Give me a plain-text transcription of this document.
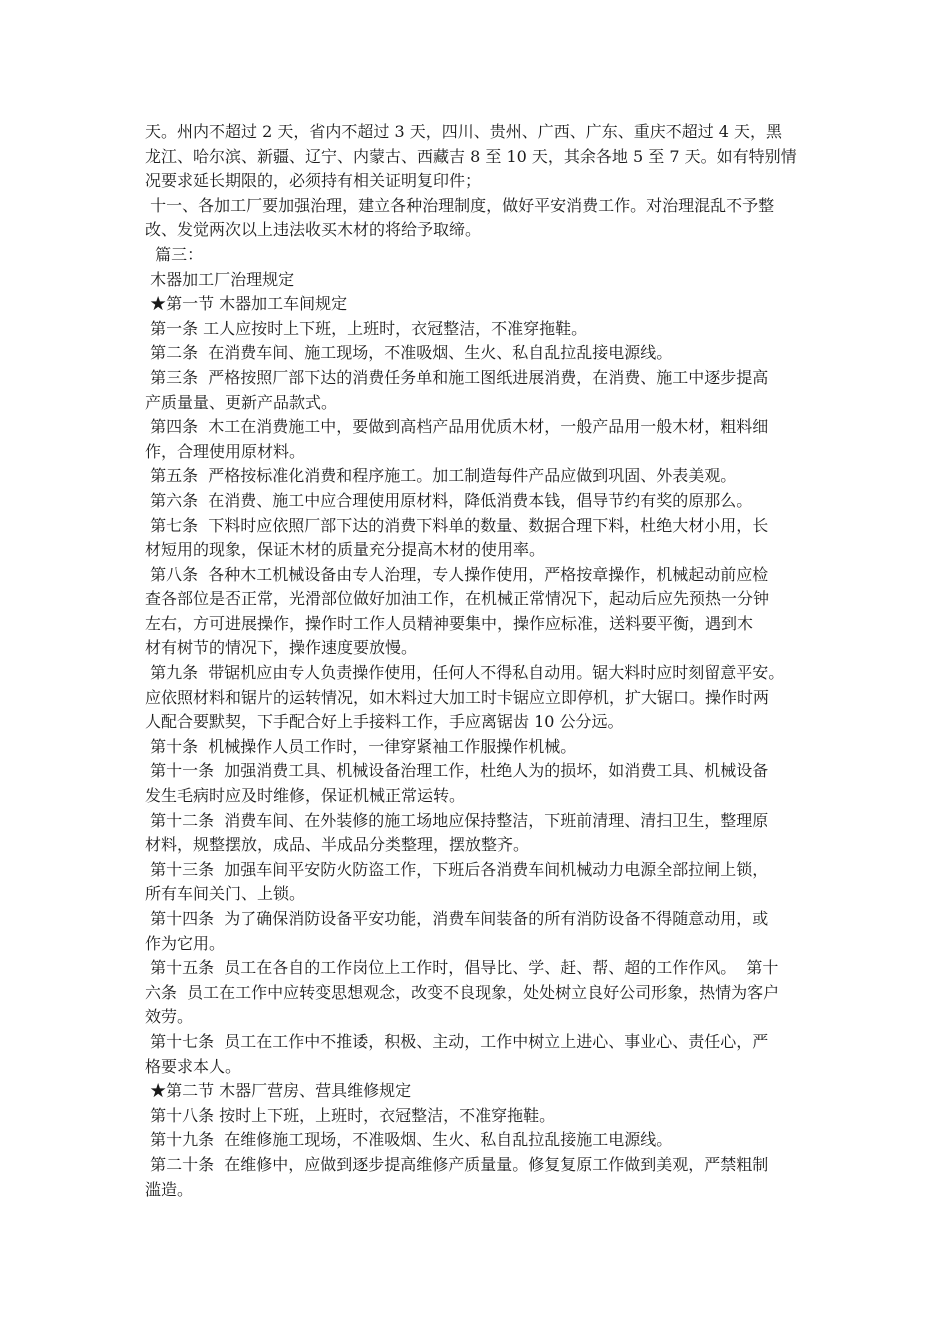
天。州内不超过 2 天，省内不超过 3 天，四川、贵州、广西、广东、重庆不超过 4 天，黑
龙江、哈尔滨、新疆、辽宁、内蒙古、西藏吉 8 至 10 天，其余各地 5 至 7 天。如有特别情
况要求延长期限的，必须持有相关证明复印件；
十一、各加工厂要加强治理，建立各种治理制度，做好平安消费工作。对治理混乱不予整
改、发觉两次以上违法收买木材的将给予取缔。
篇三：
木器加工厂治理规定
★第一节 木器加工车间规定
第一条 工人应按时上下班，上班时，衣冠整洁，不准穿拖鞋。
第二条  在消费车间、施工现场，不准吸烟、生火、私自乱拉乱接电源线。
第三条  严格按照厂部下达的消费任务单和施工图纸进展消费，在消费、施工中逐步提高
产质量量、更新产品款式。
第四条  木工在消费施工中，要做到高档产品用优质木材，一般产品用一般木材，粗料细
作，合理使用原材料。
第五条  严格按标准化消费和程序施工。加工制造每件产品应做到巩固、外表美观。
第六条  在消费、施工中应合理使用原材料，降低消费本钱，倡导节约有奖的原那么。
第七条  下料时应依照厂部下达的消费下料单的数量、数据合理下料，杜绝大材小用，长
材短用的现象，保证木材的质量充分提高木材的使用率。
第八条  各种木工机械设备由专人治理，专人操作使用，严格按章操作，机械起动前应检
查各部位是否正常，光滑部位做好加油工作，在机械正常情况下，起动后应先预热一分钟
左右，方可进展操作，操作时工作人员精神要集中，操作应标准，送料要平衡，遇到木
材有树节的情况下，操作速度要放慢。
第九条  带锯机应由专人负责操作使用，任何人不得私自动用。锯大料时应时刻留意平安。
应依照材料和锯片的运转情况，如木料过大加工时卡锯应立即停机，扩大锯口。操作时两
人配合要默契，下手配合好上手接料工作，手应离锯齿 10 公分远。
第十条  机械操作人员工作时，一律穿紧袖工作服操作机械。
第十一条  加强消费工具、机械设备治理工作，杜绝人为的损坏，如消费工具、机械设备
发生毛病时应及时维修，保证机械正常运转。
第十二条  消费车间、在外装修的施工场地应保持整洁，下班前清理、清扫卫生，整理原
材料，规整摆放，成品、半成品分类整理，摆放整齐。
第十三条  加强车间平安防火防盗工作，下班后各消费车间机械动力电源全部拉闸上锁，
所有车间关门、上锁。
第十四条  为了确保消防设备平安功能，消费车间装备的所有消防设备不得随意动用，或
作为它用。
第十五条  员工在各自的工作岗位上工作时，倡导比、学、赶、帮、超的工作作风。  第十
六条  员工在工作中应转变思想观念，改变不良现象，处处树立良好公司形象，热情为客户
效劳。
第十七条  员工在工作中不推诿，积极、主动，工作中树立上进心、事业心、责任心，严
格要求本人。
★第二节 木器厂营房、营具维修规定
第十八条 按时上下班，上班时，衣冠整洁，不准穿拖鞋。
第十九条  在维修施工现场，不准吸烟、生火、私自乱拉乱接施工电源线。
第二十条  在维修中，应做到逐步提高维修产质量量。修复复原工作做到美观，严禁粗制
滥造。
